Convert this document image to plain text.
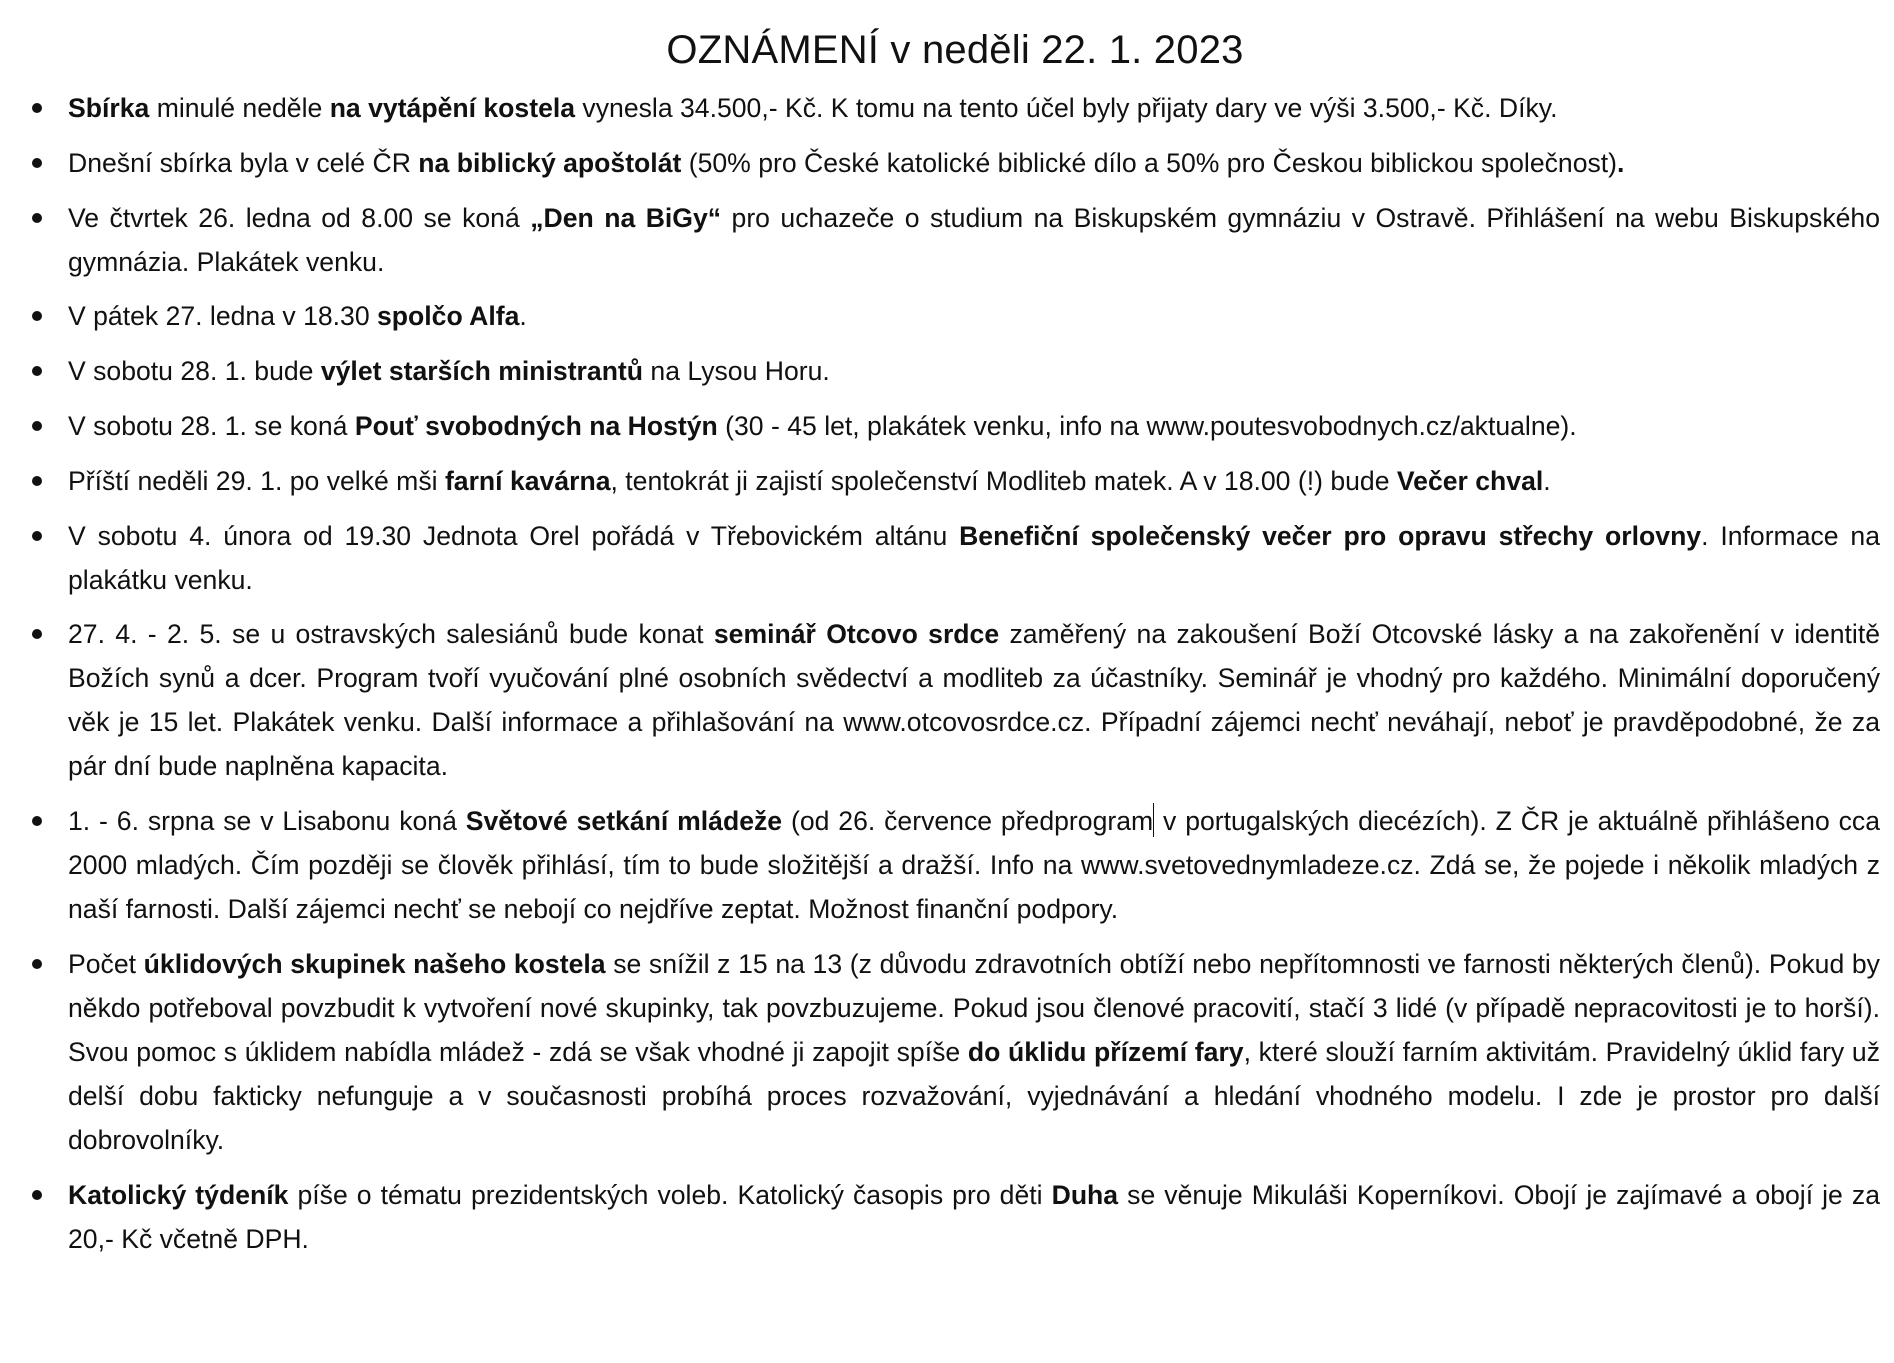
OZNÁMENÍ v neděli 22. 1. 2023
Sbírka minulé neděle na vytápění kostela vynesla 34.500,- Kč. K tomu na tento účel byly přijaty dary ve výši 3.500,- Kč. Díky.
Dnešní sbírka byla v celé ČR na biblický apoštolát (50% pro České katolické biblické dílo a 50% pro Českou biblickou společnost).
Ve čtvrtek 26. ledna od 8.00 se koná „Den na BiGy“ pro uchazeče o studium na Biskupském gymnáziu v Ostravě. Přihlášení na webu Biskupského gymnázia. Plakátek venku.
V pátek 27. ledna v 18.30 spolčo Alfa.
V sobotu 28. 1. bude výlet starších ministrantů na Lysou Horu.
V sobotu 28. 1. se koná Pouť svobodných na Hostýn (30 - 45 let, plakátek venku, info na www.poutesvobodnych.cz/aktualne).
Příští neděli 29. 1. po velké mši farní kavárna, tentokrát ji zajistí společenství Modliteb matek. A v 18.00 (!) bude Večer chval.
V sobotu 4. února od 19.30 Jednota Orel pořádá v Třebovickém altánu Benefiční společenský večer pro opravu střechy orlovny. Informace na plakátku venku.
27. 4. - 2. 5. se u ostravských salesiánů bude konat seminář Otcovo srdce zaměřený na zakoušení Boží Otcovské lásky a na zakořenění v identitě Božích synů a dcer. Program tvoří vyučování plné osobních svědectví a modliteb za účastníky. Seminář je vhodný pro každého. Minimální doporučený věk je 15 let. Plakátek venku. Další informace a přihlašování na www.otcovosrdce.cz. Případní zájemci nechť neváhají, neboť je pravděpodobné, že za pár dní bude naplněna kapacita.
1. - 6. srpna se v Lisabonu koná Světové setkání mládeže (od 26. července předprogram v portugalských diecézích). Z ČR je aktuálně přihlášeno cca 2000 mladých. Čím později se člověk přihlásí, tím to bude složitější a dražší. Info na www.svetovednymladeze.cz. Zdá se, že pojede i několik mladých z naší farnosti. Další zájemci nechť se nebojí co nejdříve zeptat. Možnost finanční podpory.
Počet úklidových skupinek našeho kostela se snížil z 15 na 13 (z důvodu zdravotních obtíží nebo nepřítomnosti ve farnosti některých členů). Pokud by někdo potřeboval povzbudit k vytvoření nové skupinky, tak povzbuzujeme. Pokud jsou členové pracovití, stačí 3 lidé (v případě nepracovitosti je to horší). Svou pomoc s úklidem nabídla mládež - zdá se však vhodné ji zapojit spíše do úklidu přízemí fary, které slouží farním aktivitám. Pravidelný úklid fary už delší dobu fakticky nefunguje a v současnosti probíhá proces rozvažování, vyjednávání a hledání vhodného modelu. I zde je prostor pro další dobrovolníky.
Katolický týdeník píše o tématu prezidentských voleb. Katolický časopis pro děti Duha se věnuje Mikuláši Koperníkovi. Obojí je zajímavé a obojí je za 20,- Kč včetně DPH.
